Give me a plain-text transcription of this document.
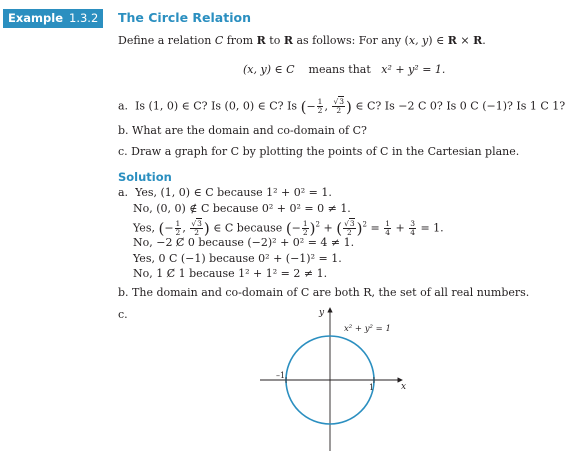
Example 1.3.2	The Circle Relation
Define a relation C from R to R as follows: For any (x, y) ∈ R × R.
(x, y) ∈ C means that x² + y² = 1.
a. Is (1, 0) ∈ C? Is (0, 0) ∈ C? Is (− $\frac{1}{2}$ , $\frac{√3}{2}$ ) ∈ C? Is −2 C 0? Is 0 C (−1)? Is 1 C 1?
b. What are the domain and co-domain of C?
c. Draw a graph for C by plotting the points of C in the Cartesian plane.
Solution
a. Yes, (1, 0) ∈ C because 1² + 0² = 1.
No, (0, 0) ∉ C because 0² + 0² = 0 ≠ 1.
Yes, (− $\frac{1}{2}$ , $\frac{√3}{2}$ ) ∈ C because (− $\frac{1}{2} )^2$ + ( $\frac{√3}{2} )^2 = \frac{1}{4} + \frac{3}{4} = 1$.
No, −2 C̸ 0 because (−2)² + 0² = 4 ≠ 1.
Yes, 0 C (−1) because 0² + (−1)² = 1.
No, 1 C̸ 1 because 1² + 1² = 2 ≠ 1.
b. The domain and co-domain of C are both R, the set of all real numbers.
c.	y
x
x² + y² = 1
1
–1
